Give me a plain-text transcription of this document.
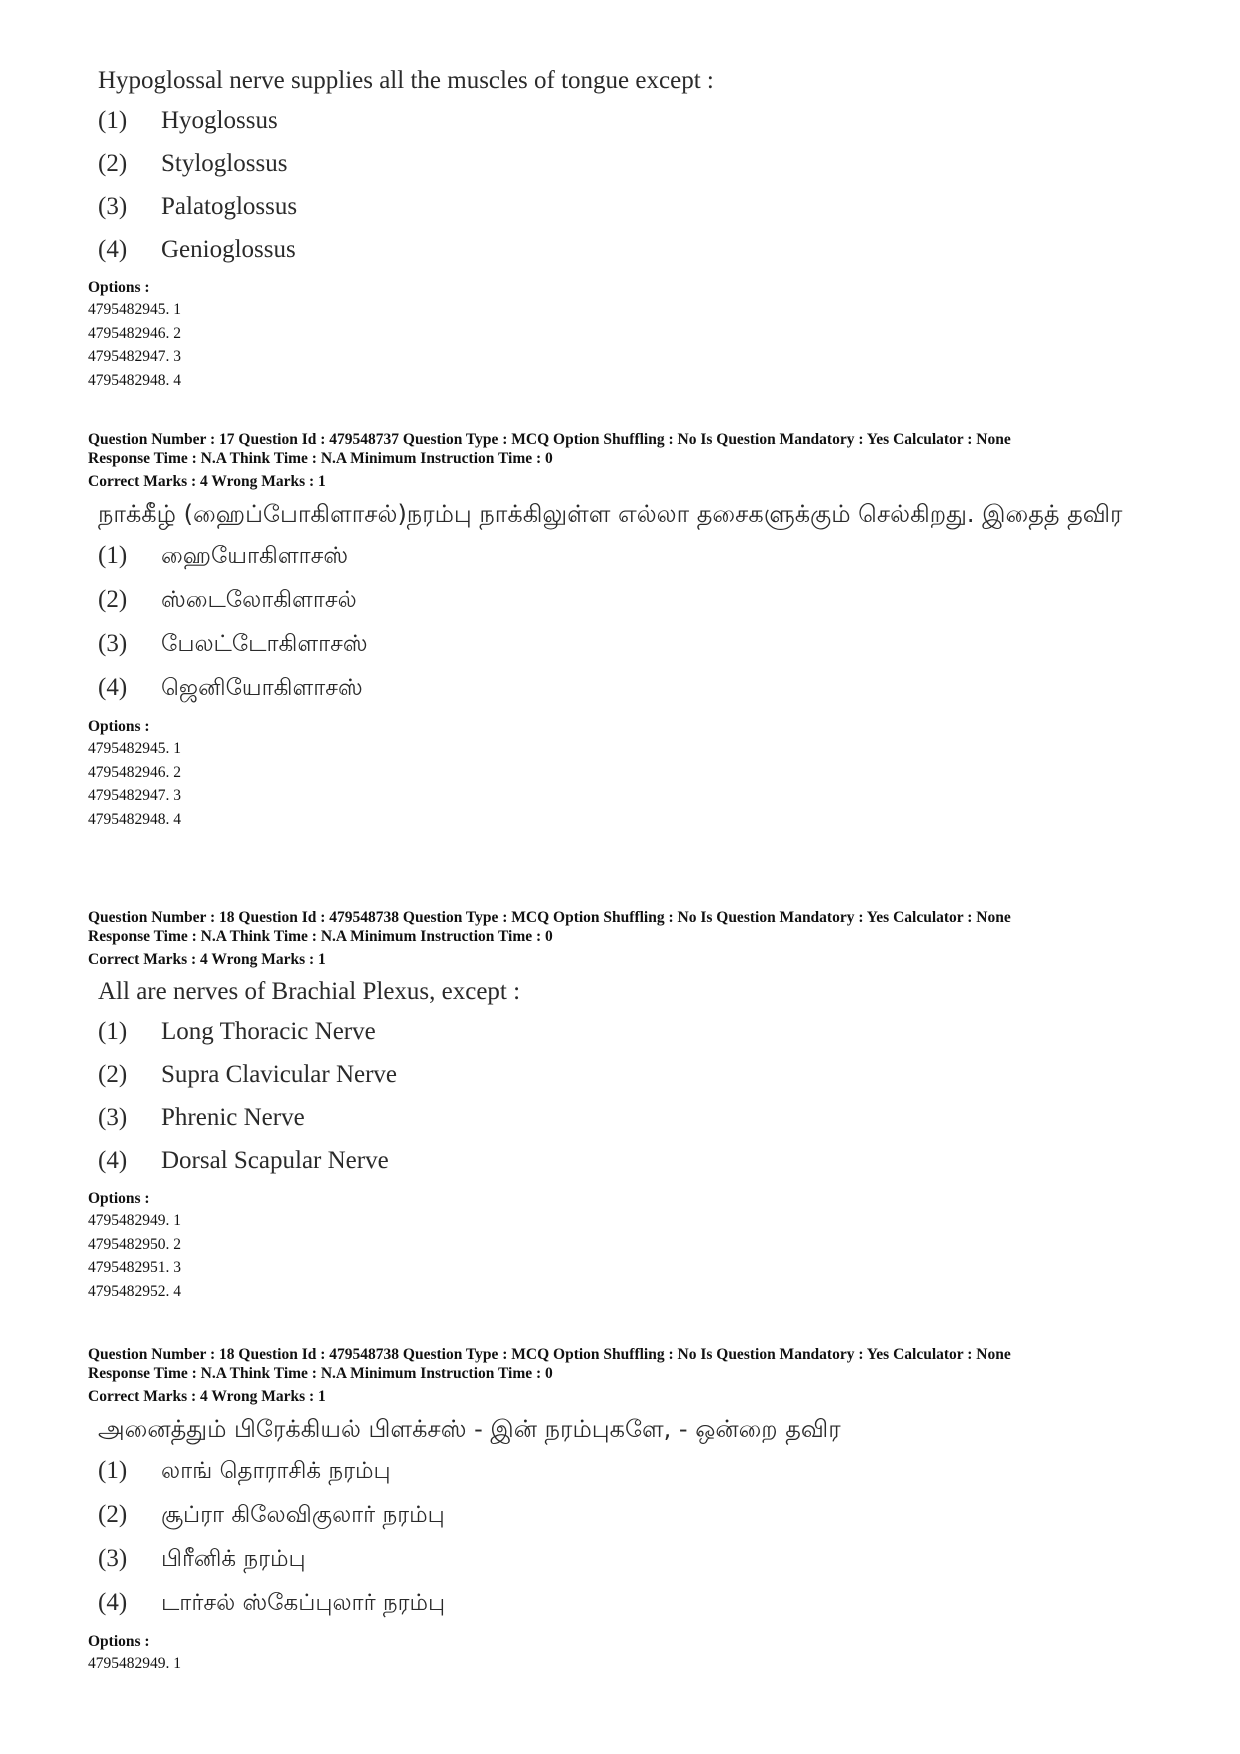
Hypoglossal nerve supplies all the muscles of tongue except :

(1)	Hyoglossus
(2)	Styloglossus
(3)	Palatoglossus
(4)	Genioglossus
Options :
4795482945. 1
4795482946. 2
4795482947. 3
4795482948. 4

Question Number : 17 Question Id : 479548737 Question Type : MCQ Option Shuffling : No Is Question Mandatory : Yes Calculator : None

Response Time : N.A Think Time : N.A Minimum Instruction Time : 0

Correct Marks : 4 Wrong Marks : 1

நாக்கீழ் (ஹைப்போகிளாசல்)நரம்பு நாக்கிலுள்ள எல்லா தசைகளுக்கும் செல்கிறது. இதைத் தவிர

(1)	ஹையோகிளாசஸ்
(2)	ஸ்டைலோகிளாசல்
(3)	பேலட்டோகிளாசஸ்
(4)	ஜெனியோகிளாசஸ்
Options :
4795482945. 1
4795482946. 2
4795482947. 3
4795482948. 4

Question Number : 18 Question Id : 479548738 Question Type : MCQ Option Shuffling : No Is Question Mandatory : Yes Calculator : None

Response Time : N.A Think Time : N.A Minimum Instruction Time : 0

Correct Marks : 4 Wrong Marks : 1

All are nerves of Brachial Plexus, except :

(1)	Long Thoracic Nerve
(2)	Supra Clavicular Nerve
(3)	Phrenic Nerve
(4)	Dorsal Scapular Nerve
Options :
4795482949. 1
4795482950. 2
4795482951. 3
4795482952. 4

Question Number : 18 Question Id : 479548738 Question Type : MCQ Option Shuffling : No Is Question Mandatory : Yes Calculator : None

Response Time : N.A Think Time : N.A Minimum Instruction Time : 0

Correct Marks : 4 Wrong Marks : 1

அனைத்தும் பிரேக்கியல் பிளக்சஸ் - இன் நரம்புகளே, - ஒன்றை தவிர

(1)	லாங் தொராசிக் நரம்பு
(2)	சூப்ரா கிலேவிகுலார் நரம்பு
(3)	பிரீனிக் நரம்பு
(4)	டார்சல் ஸ்கேப்புலார் நரம்பு
Options :
4795482949. 1
